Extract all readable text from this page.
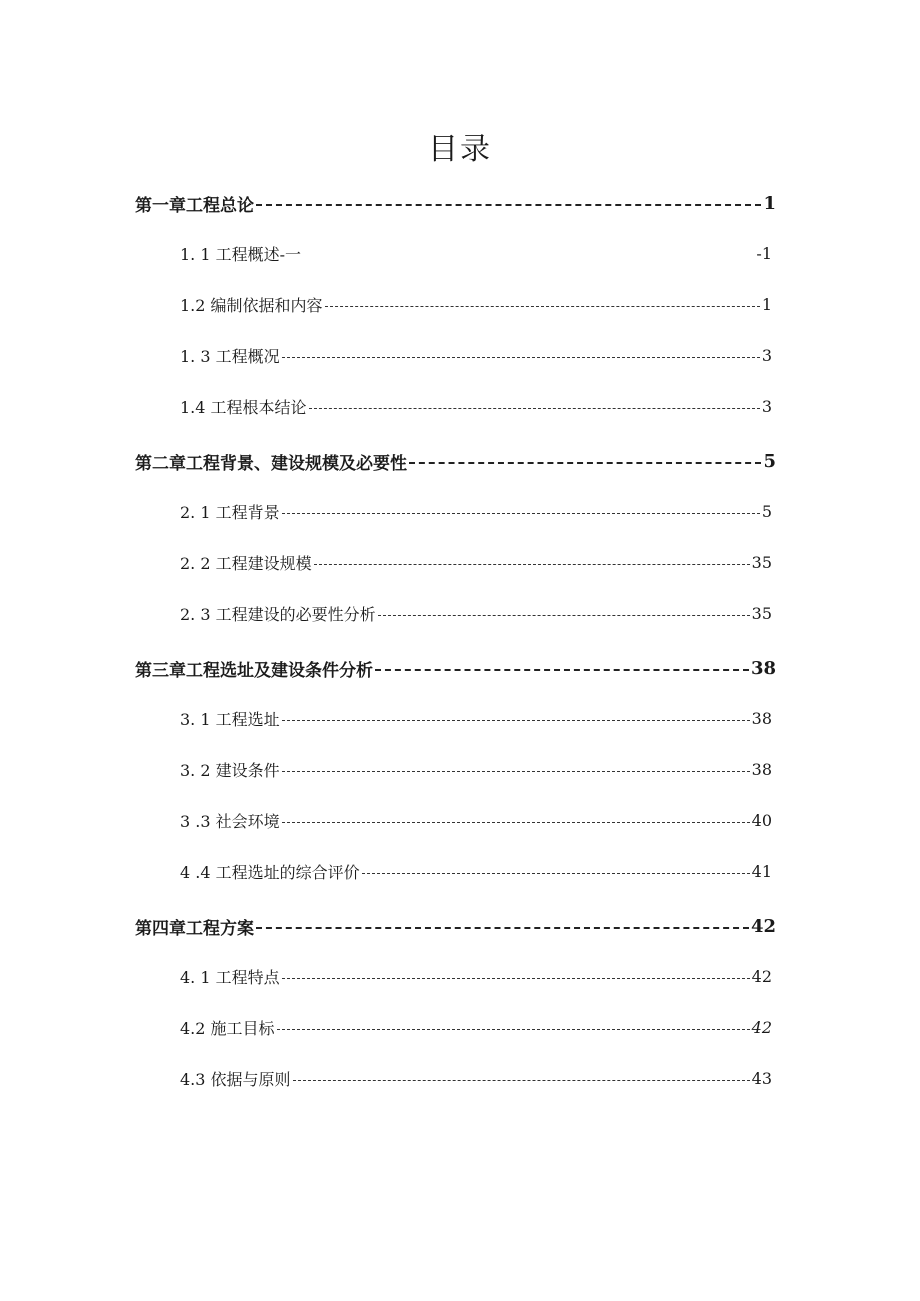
目录
第一章工程总论	1
1. 1 工程概述-一	-1
1.2 编制依据和内容	1
1. 3 工程概况	3
1.4 工程根本结论	3
第二章工程背景、建设规模及必要性	5
2. 1 工程背景	5
2. 2 工程建设规模	35
2. 3 工程建设的必要性分析	35
第三章工程选址及建设条件分析	38
3. 1 工程选址	38
3. 2 建设条件	38
3 .3 社会环境	40
4 .4 工程选址的综合评价	41
第四章工程方案	42
4. 1 工程特点	42
4.2 施工目标	42
4.3 依据与原则	43
